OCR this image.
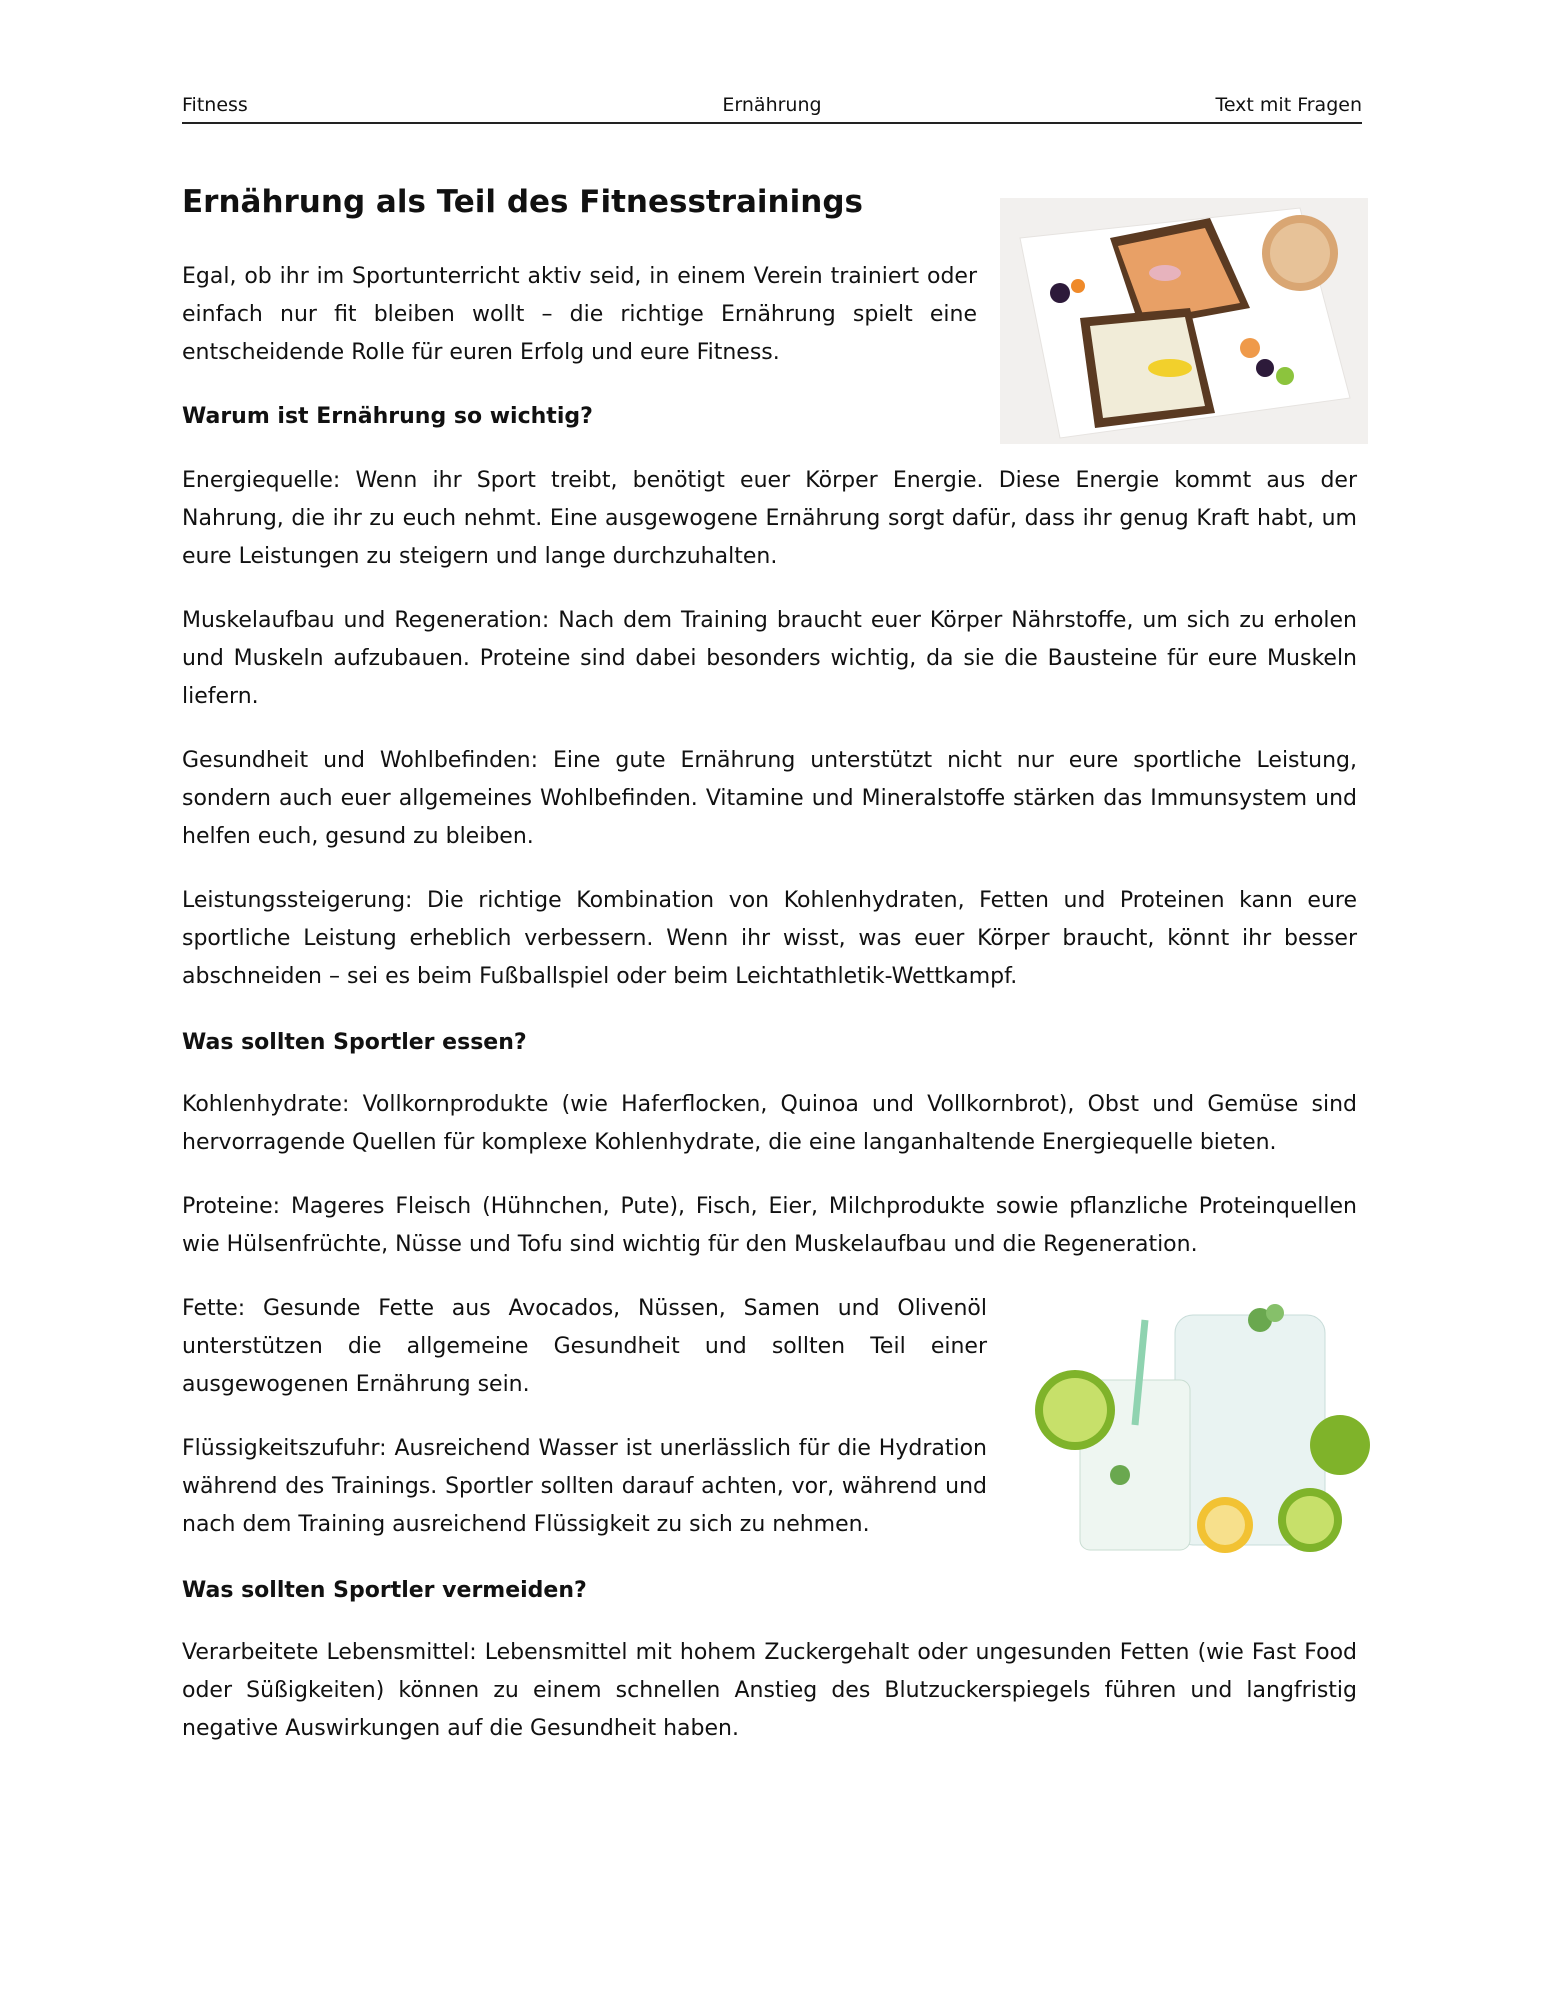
Fitness	Ernährung	Text mit Fragen
Ernährung als Teil des Fitnesstrainings

Egal, ob ihr im Sportunterricht aktiv seid, in einem Verein trainiert oder einfach nur fit bleiben wollt – die richtige Ernährung spielt eine entscheidende Rolle für euren Erfolg und eure Fitness.

Warum ist Ernährung so wichtig?

Energiequelle: Wenn ihr Sport treibt, benötigt euer Körper Energie. Diese Energie kommt aus der Nahrung, die ihr zu euch nehmt. Eine ausgewogene Ernährung sorgt dafür, dass ihr genug Kraft habt, um eure Leistungen zu steigern und lange durchzuhalten.

Muskelaufbau und Regeneration: Nach dem Training braucht euer Körper Nährstoffe, um sich zu erholen und Muskeln aufzubauen. Proteine sind dabei besonders wichtig, da sie die Bausteine für eure Muskeln liefern.

Gesundheit und Wohlbefinden: Eine gute Ernährung unterstützt nicht nur eure sportliche Leistung, sondern auch euer allgemeines Wohlbefinden. Vitamine und Mineralstoffe stärken das Immunsystem und helfen euch, gesund zu bleiben.

Leistungssteigerung: Die richtige Kombination von Kohlenhydraten, Fetten und Proteinen kann eure sportliche Leistung erheblich verbessern. Wenn ihr wisst, was euer Körper braucht, könnt ihr besser abschneiden – sei es beim Fußballspiel oder beim Leichtathletik-Wettkampf.

Was sollten Sportler essen?

Kohlenhydrate: Vollkornprodukte (wie Haferflocken, Quinoa und Vollkornbrot), Obst und Gemüse sind hervorragende Quellen für komplexe Kohlenhydrate, die eine langanhaltende Energiequelle bieten.

Proteine: Mageres Fleisch (Hühnchen, Pute), Fisch, Eier, Milchprodukte sowie pflanzliche Proteinquellen wie Hülsenfrüchte, Nüsse und Tofu sind wichtig für den Muskelaufbau und die Regeneration.

Fette: Gesunde Fette aus Avocados, Nüssen, Samen und Olivenöl unterstützen die allgemeine Gesundheit und sollten Teil einer ausgewogenen Ernährung sein.

Flüssigkeitszufuhr: Ausreichend Wasser ist unerlässlich für die Hydration während des Trainings. Sportler sollten darauf achten, vor, während und nach dem Training ausreichend Flüssigkeit zu sich zu nehmen.

Was sollten Sportler vermeiden?

Verarbeitete Lebensmittel: Lebensmittel mit hohem Zuckergehalt oder ungesunden Fetten (wie Fast Food oder Süßigkeiten) können zu einem schnellen Anstieg des Blutzuckerspiegels führen und langfristig negative Auswirkungen auf die Gesundheit haben.
